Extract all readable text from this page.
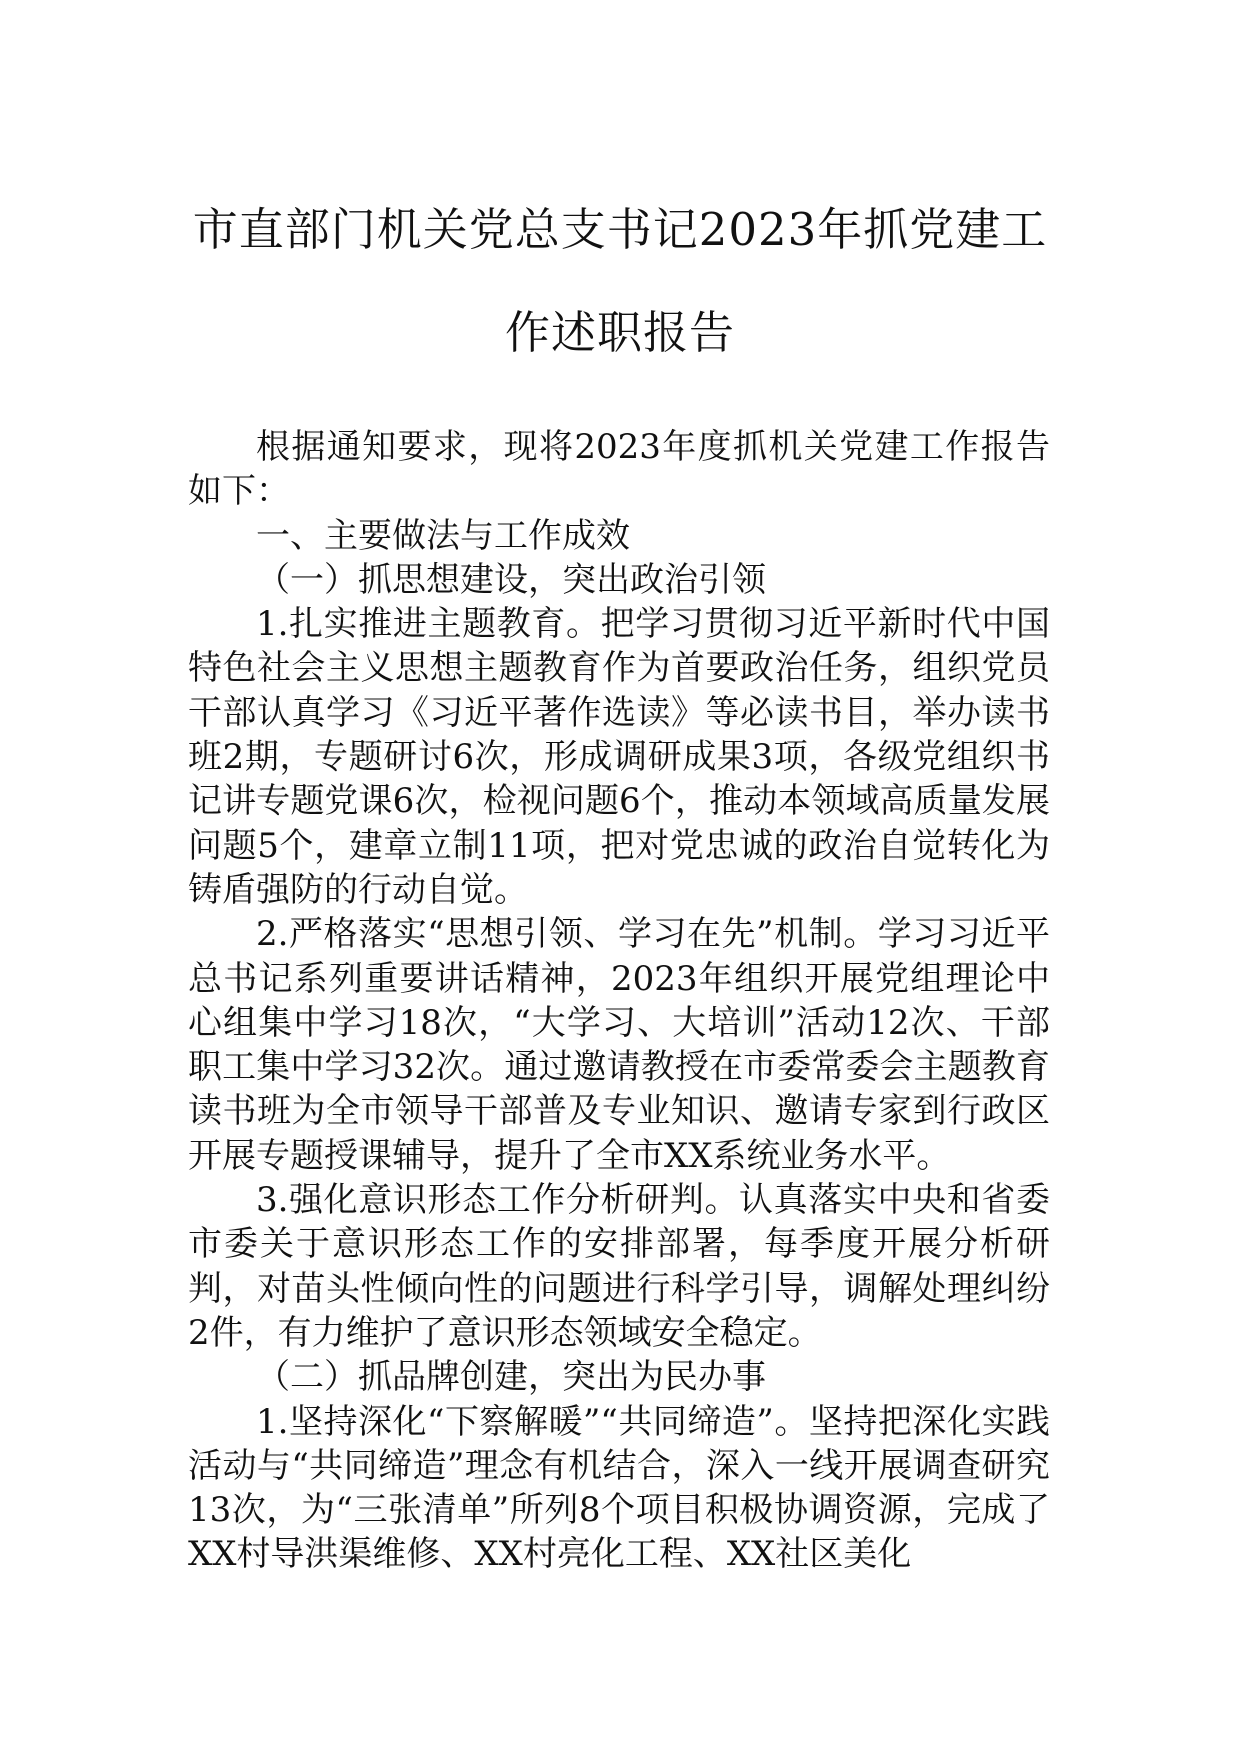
市直部门机关党总支书记2023年抓党建工作述职报告

根据通知要求，现将2023年度抓机关党建工作报告如下：

一、主要做法与工作成效

（一）抓思想建设，突出政治引领

1.扎实推进主题教育。把学习贯彻习近平新时代中国特色社会主义思想主题教育作为首要政治任务，组织党员干部认真学习《习近平著作选读》等必读书目，举办读书班2期，专题研讨6次，形成调研成果3项，各级党组织书记讲专题党课6次，检视问题6个，推动本领域高质量发展问题5个，建章立制11项，把对党忠诚的政治自觉转化为铸盾强防的行动自觉。

2.严格落实“思想引领、学习在先”机制。学习习近平总书记系列重要讲话精神，2023年组织开展党组理论中心组集中学习18次，“大学习、大培训”活动12次、干部职工集中学习32次。通过邀请教授在市委常委会主题教育读书班为全市领导干部普及专业知识、邀请专家到行政区开展专题授课辅导，提升了全市XX系统业务水平。

3.强化意识形态工作分析研判。认真落实中央和省委市委关于意识形态工作的安排部署，每季度开展分析研判，对苗头性倾向性的问题进行科学引导，调解处理纠纷2件，有力维护了意识形态领域安全稳定。

（二）抓品牌创建，突出为民办事

1.坚持深化“下察解暖”“共同缔造”。坚持把深化实践活动与“共同缔造”理念有机结合，深入一线开展调查研究13次，为“三张清单”所列8个项目积极协调资源，完成了XX村导洪渠维修、XX村亮化工程、XX社区美化
